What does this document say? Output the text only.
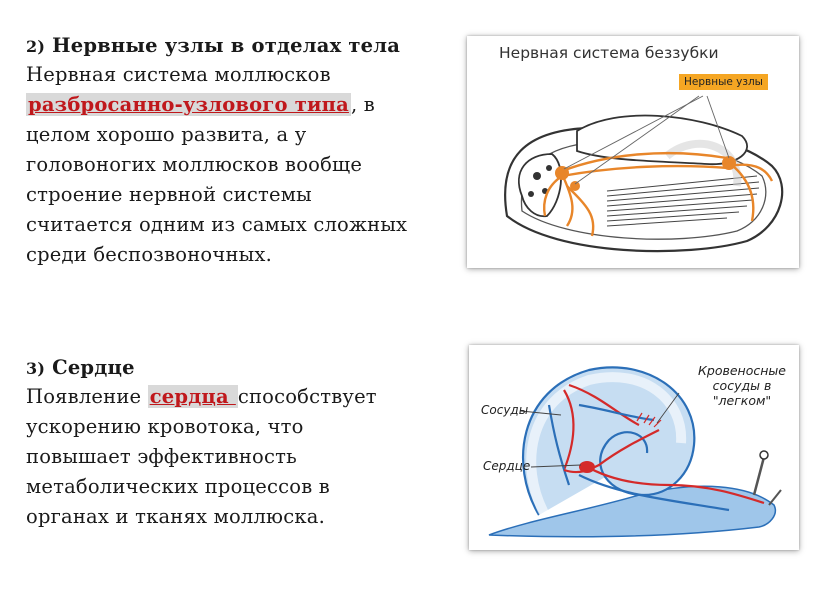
2) Нервные узлы в отделах тела
Нервная система моллюсков
разбросанно-узлового типа , в
целом хорошо развита, а у
головоногих моллюсков вообще
строение нервной системы
считается одним из самых сложных
среди беспозвоночных.
Нервная система беззубки
Нервные узлы
3) Сердце
Появление сердца способствует
ускорению кровотока, что
повышает эффективность
метаболических процессов в
органах и тканях моллюска.
Кровеносные сосуды в "легком"
Сосуды
Сердце
